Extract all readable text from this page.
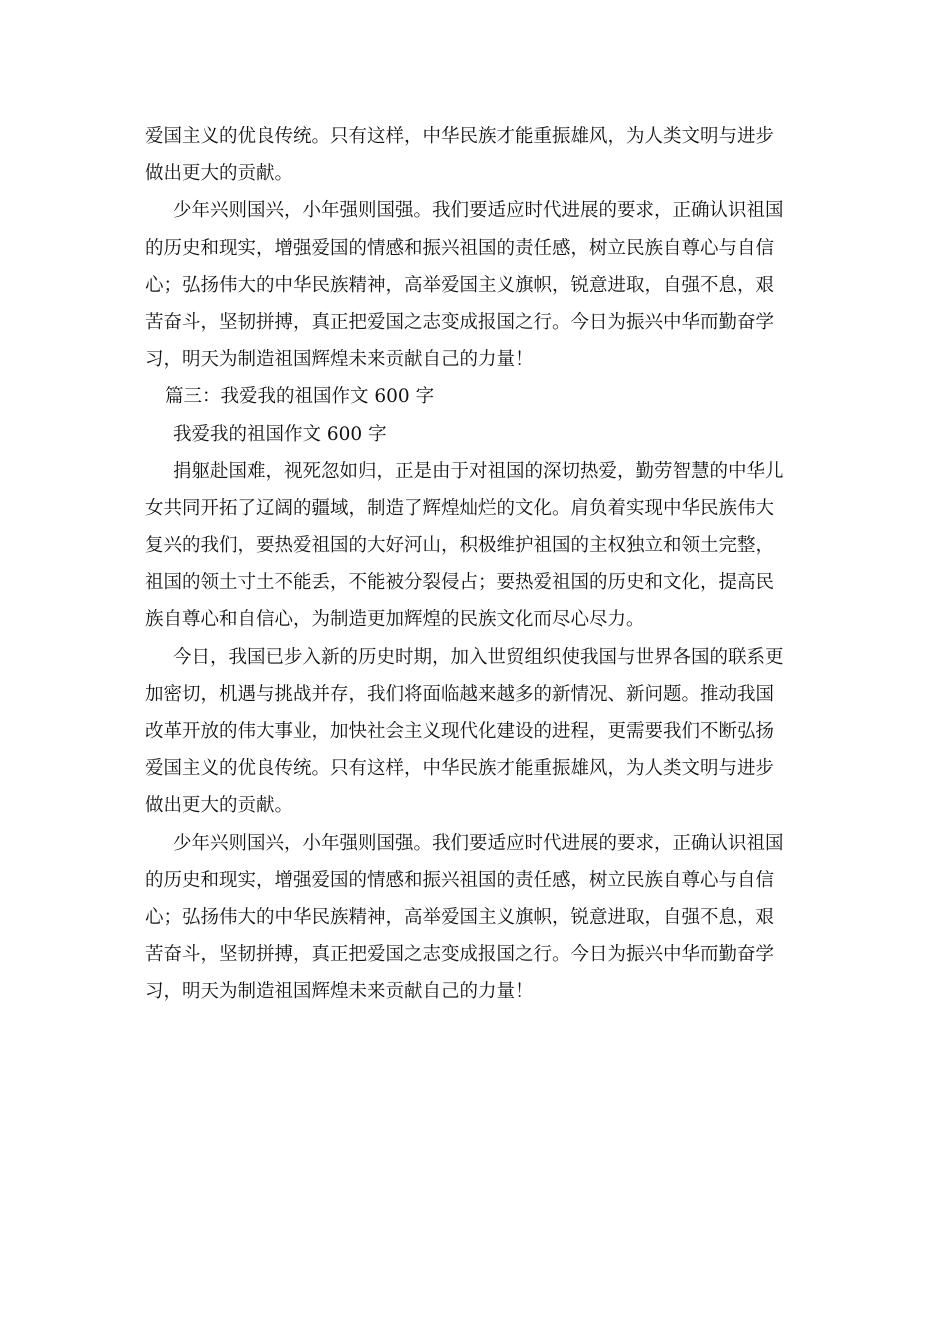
爱国主义的优良传统。只有这样，中华民族才能重振雄风，为人类文明与进步
做出更大的贡献。
少年兴则国兴，小年强则国强。我们要适应时代进展的要求，正确认识祖国
的历史和现实，增强爱国的情感和振兴祖国的责任感，树立民族自尊心与自信
心；弘扬伟大的中华民族精神，高举爱国主义旗帜，锐意进取，自强不息，艰
苦奋斗，坚韧拼搏，真正把爱国之志变成报国之行。今日为振兴中华而勤奋学
习，明天为制造祖国辉煌未来贡献自己的力量！
篇三：我爱我的祖国作文 600 字
我爱我的祖国作文 600 字
捐躯赴国难，视死忽如归，正是由于对祖国的深切热爱，勤劳智慧的中华儿
女共同开拓了辽阔的疆域，制造了辉煌灿烂的文化。肩负着实现中华民族伟大
复兴的我们，要热爱祖国的大好河山，积极维护祖国的主权独立和领土完整，
祖国的领土寸土不能丢，不能被分裂侵占；要热爱祖国的历史和文化，提高民
族自尊心和自信心，为制造更加辉煌的民族文化而尽心尽力。
今日，我国已步入新的历史时期，加入世贸组织使我国与世界各国的联系更
加密切，机遇与挑战并存，我们将面临越来越多的新情况、新问题。推动我国
改革开放的伟大事业，加快社会主义现代化建设的进程，更需要我们不断弘扬
爱国主义的优良传统。只有这样，中华民族才能重振雄风，为人类文明与进步
做出更大的贡献。
少年兴则国兴，小年强则国强。我们要适应时代进展的要求，正确认识祖国
的历史和现实，增强爱国的情感和振兴祖国的责任感，树立民族自尊心与自信
心；弘扬伟大的中华民族精神，高举爱国主义旗帜，锐意进取，自强不息，艰
苦奋斗，坚韧拼搏，真正把爱国之志变成报国之行。今日为振兴中华而勤奋学
习，明天为制造祖国辉煌未来贡献自己的力量！
